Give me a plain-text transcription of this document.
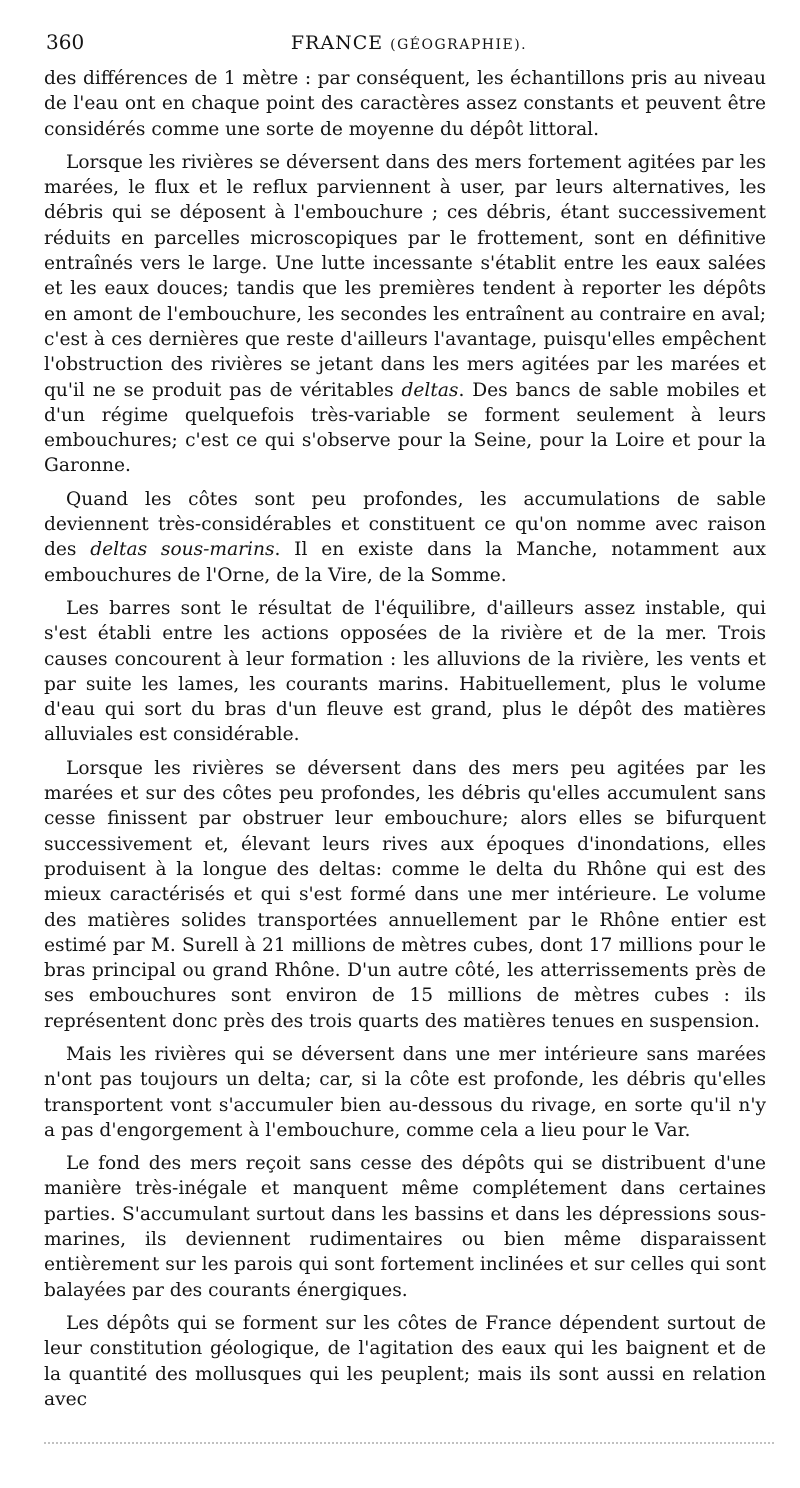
360	FRANCE (GÉOGRAPHIE).

des différences de 1 mètre : par conséquent, les échantillons pris au niveau de l'eau ont en chaque point des caractères assez constants et peuvent être considérés comme une sorte de moyenne du dépôt littoral.

Lorsque les rivières se déversent dans des mers fortement agitées par les marées, le flux et le reflux parviennent à user, par leurs alternatives, les débris qui se déposent à l'embouchure ; ces débris, étant successivement réduits en parcelles microscopiques par le frottement, sont en définitive entraînés vers le large. Une lutte incessante s'établit entre les eaux salées et les eaux douces; tandis que les premières tendent à reporter les dépôts en amont de l'embouchure, les secondes les entraînent au contraire en aval; c'est à ces dernières que reste d'ailleurs l'avantage, puisqu'elles empêchent l'obstruction des rivières se jetant dans les mers agitées par les marées et qu'il ne se produit pas de véritables deltas. Des bancs de sable mobiles et d'un régime quelquefois très-variable se forment seulement à leurs embouchures; c'est ce qui s'observe pour la Seine, pour la Loire et pour la Garonne.

Quand les côtes sont peu profondes, les accumulations de sable deviennent très-considérables et constituent ce qu'on nomme avec raison des deltas sous-marins. Il en existe dans la Manche, notamment aux embouchures de l'Orne, de la Vire, de la Somme.

Les barres sont le résultat de l'équilibre, d'ailleurs assez instable, qui s'est établi entre les actions opposées de la rivière et de la mer. Trois causes concourent à leur formation : les alluvions de la rivière, les vents et par suite les lames, les courants marins. Habituellement, plus le volume d'eau qui sort du bras d'un fleuve est grand, plus le dépôt des matières alluviales est considérable.

Lorsque les rivières se déversent dans des mers peu agitées par les marées et sur des côtes peu profondes, les débris qu'elles accumulent sans cesse finissent par obstruer leur embouchure; alors elles se bifurquent successivement et, élevant leurs rives aux époques d'inondations, elles produisent à la longue des deltas: comme le delta du Rhône qui est des mieux caractérisés et qui s'est formé dans une mer intérieure. Le volume des matières solides transportées annuellement par le Rhône entier est estimé par M. Surell à 21 millions de mètres cubes, dont 17 millions pour le bras principal ou grand Rhône. D'un autre côté, les atterrissements près de ses embouchures sont environ de 15 millions de mètres cubes : ils représentent donc près des trois quarts des matières tenues en suspension.

Mais les rivières qui se déversent dans une mer intérieure sans marées n'ont pas toujours un delta; car, si la côte est profonde, les débris qu'elles transportent vont s'accumuler bien au-dessous du rivage, en sorte qu'il n'y a pas d'engorgement à l'embouchure, comme cela a lieu pour le Var.

Le fond des mers reçoit sans cesse des dépôts qui se distribuent d'une manière très-inégale et manquent même complétement dans certaines parties. S'accumulant surtout dans les bassins et dans les dépressions sous-marines, ils deviennent rudimentaires ou bien même disparaissent entièrement sur les parois qui sont fortement inclinées et sur celles qui sont balayées par des courants énergiques.

Les dépôts qui se forment sur les côtes de France dépendent surtout de leur constitution géologique, de l'agitation des eaux qui les baignent et de la quantité des mollusques qui les peuplent; mais ils sont aussi en relation avec
